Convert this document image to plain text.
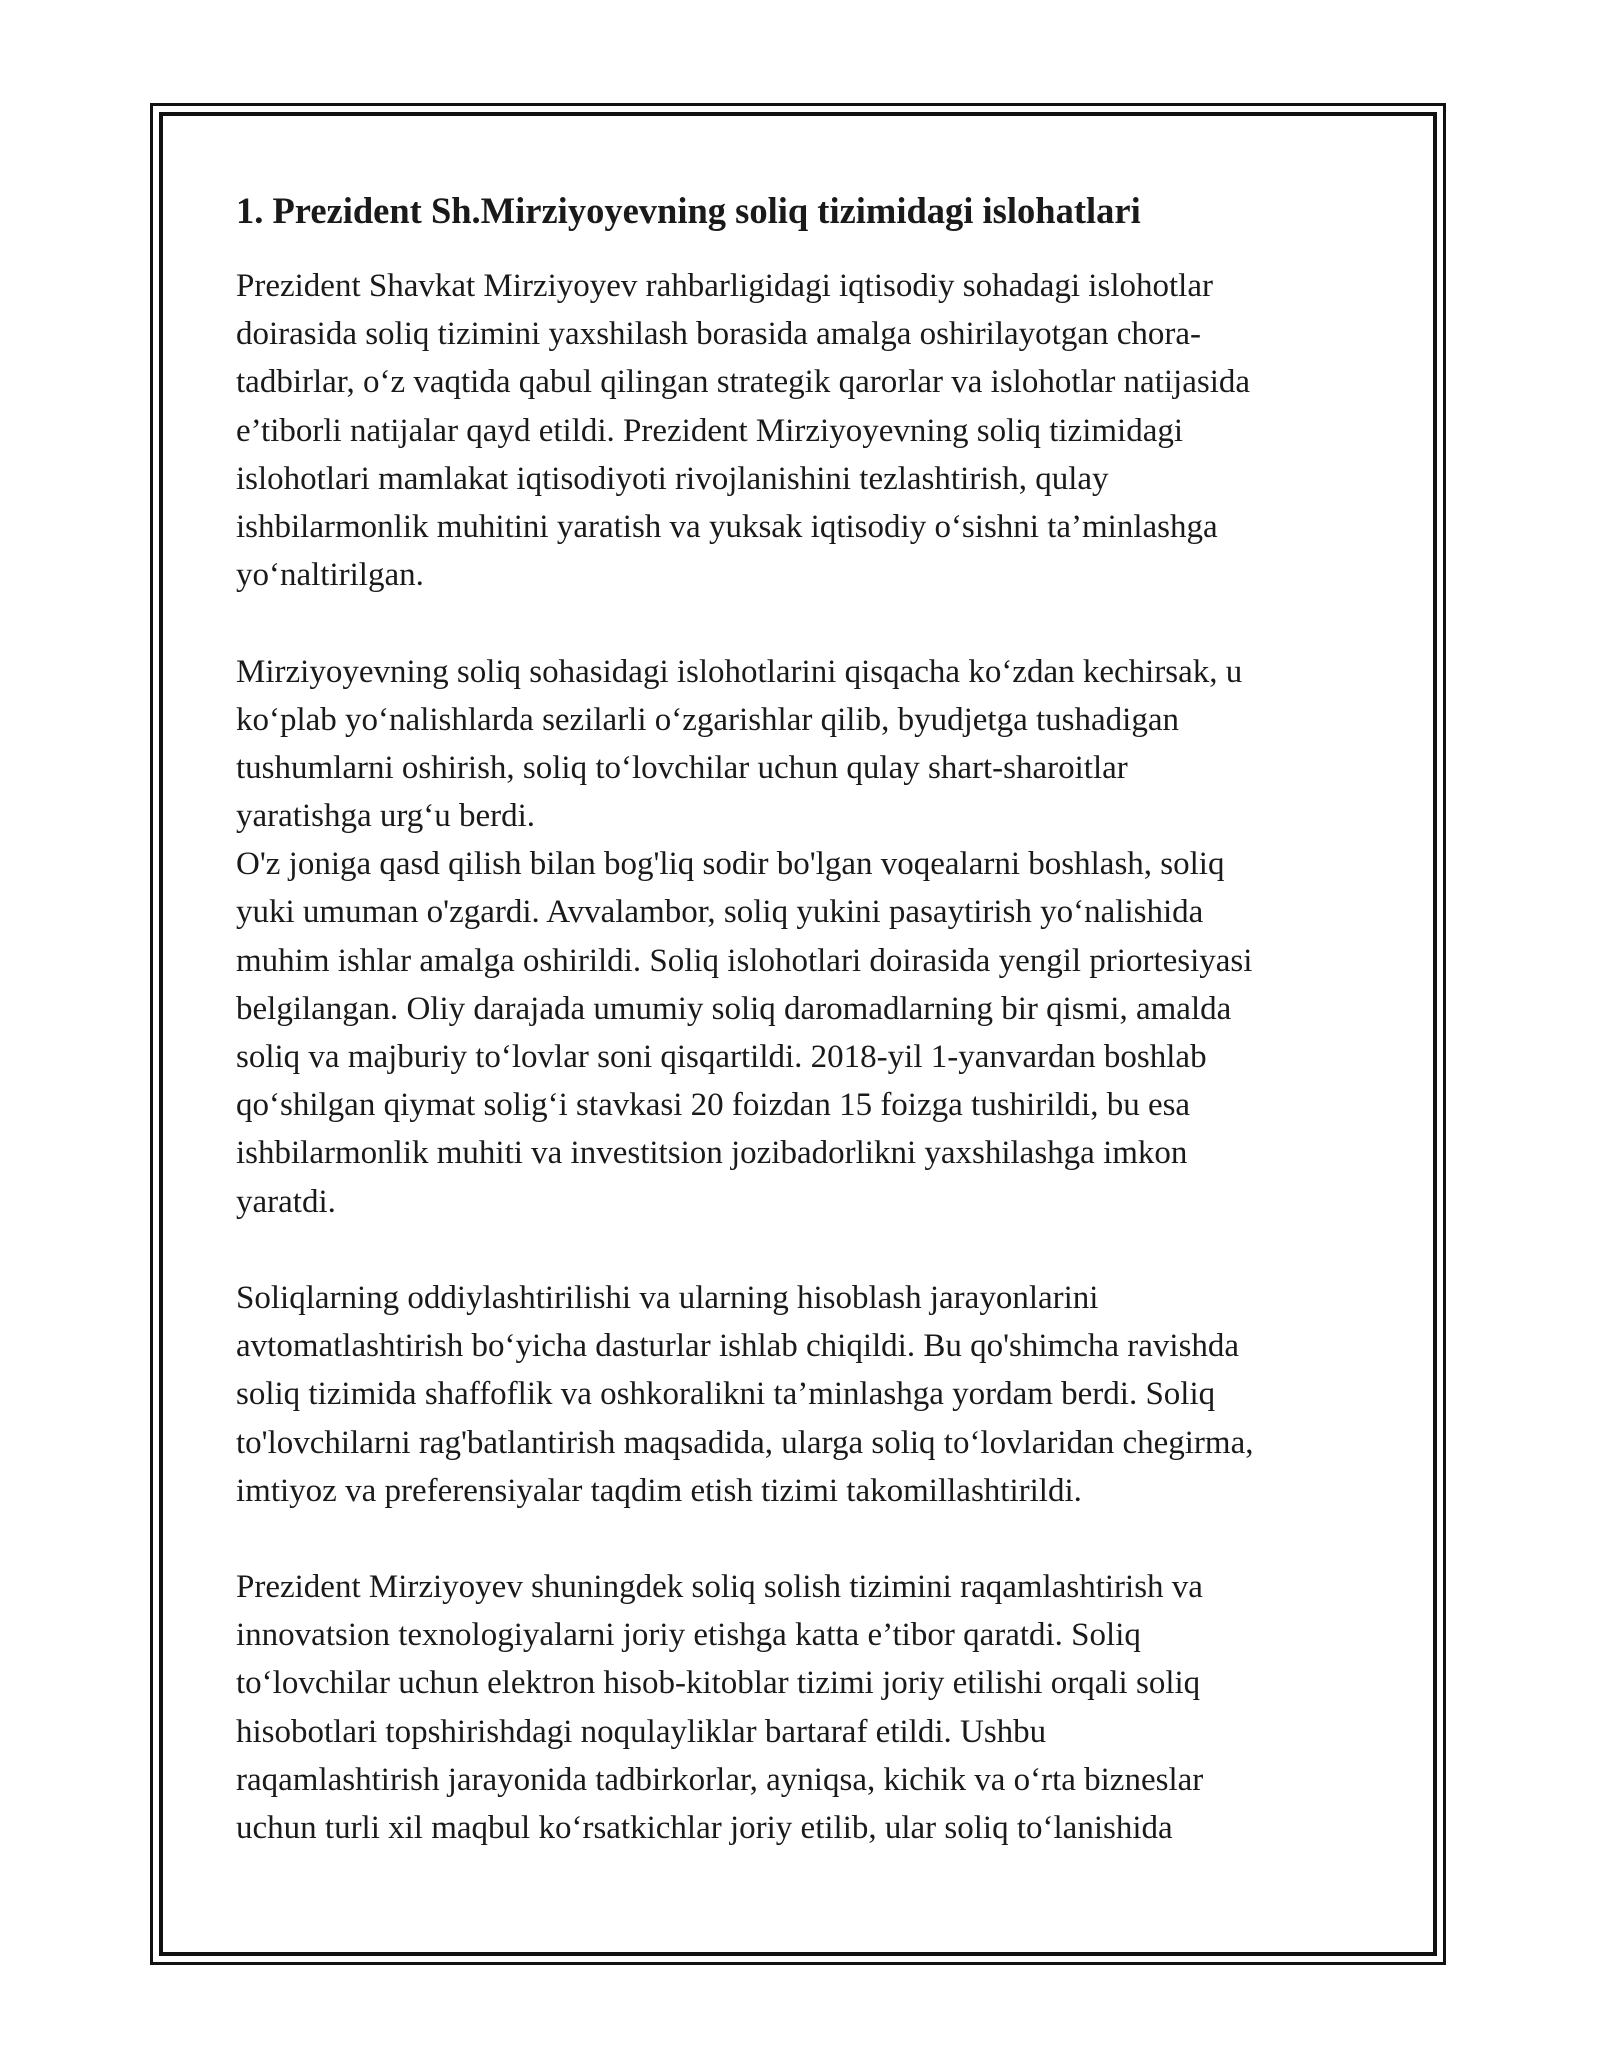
1. Prezident Sh.Mirziyoyevning soliq tizimidagi islohatlari
Prezident Shavkat Mirziyoyev rahbarligidagi iqtisodiy sohadagi islohotlar
doirasida soliq tizimini yaxshilash borasida amalga oshirilayotgan chora-
tadbirlar, o‘z vaqtida qabul qilingan strategik qarorlar va islohotlar natijasida
e’tiborli natijalar qayd etildi. Prezident Mirziyoyevning soliq tizimidagi
islohotlari mamlakat iqtisodiyoti rivojlanishini tezlashtirish, qulay
ishbilarmonlik muhitini yaratish va yuksak iqtisodiy o‘sishni ta’minlashga
yo‘naltirilgan.
Mirziyoyevning soliq sohasidagi islohotlarini qisqacha ko‘zdan kechirsak, u
ko‘plab yo‘nalishlarda sezilarli o‘zgarishlar qilib, byudjetga tushadigan
tushumlarni oshirish, soliq to‘lovchilar uchun qulay shart-sharoitlar
yaratishga urg‘u berdi.
O'z joniga qasd qilish bilan bog'liq sodir bo'lgan voqealarni boshlash, soliq
yuki umuman o'zgardi. Avvalambor, soliq yukini pasaytirish yo‘nalishida
muhim ishlar amalga oshirildi. Soliq islohotlari doirasida yengil priortesiyasi
belgilangan. Oliy darajada umumiy soliq daromadlarning bir qismi, amalda
soliq va majburiy to‘lovlar soni qisqartildi. 2018-yil 1-yanvardan boshlab
qo‘shilgan qiymat solig‘i stavkasi 20 foizdan 15 foizga tushirildi, bu esa
ishbilarmonlik muhiti va investitsion jozibadorlikni yaxshilashga imkon
yaratdi.
Soliqlarning oddiylashtirilishi va ularning hisoblash jarayonlarini
avtomatlashtirish bo‘yicha dasturlar ishlab chiqildi. Bu qo'shimcha ravishda
soliq tizimida shaffoflik va oshkoralikni ta’minlashga yordam berdi. Soliq
to'lovchilarni rag'batlantirish maqsadida, ularga soliq to‘lovlaridan chegirma,
imtiyoz va preferensiyalar taqdim etish tizimi takomillashtirildi.
Prezident Mirziyoyev shuningdek soliq solish tizimini raqamlashtirish va
innovatsion texnologiyalarni joriy etishga katta e’tibor qaratdi. Soliq
to‘lovchilar uchun elektron hisob-kitoblar tizimi joriy etilishi orqali soliq
hisobotlari topshirishdagi noqulayliklar bartaraf etildi. Ushbu
raqamlashtirish jarayonida tadbirkorlar, ayniqsa, kichik va o‘rta bizneslar
uchun turli xil maqbul ko‘rsatkichlar joriy etilib, ular soliq to‘lanishida
